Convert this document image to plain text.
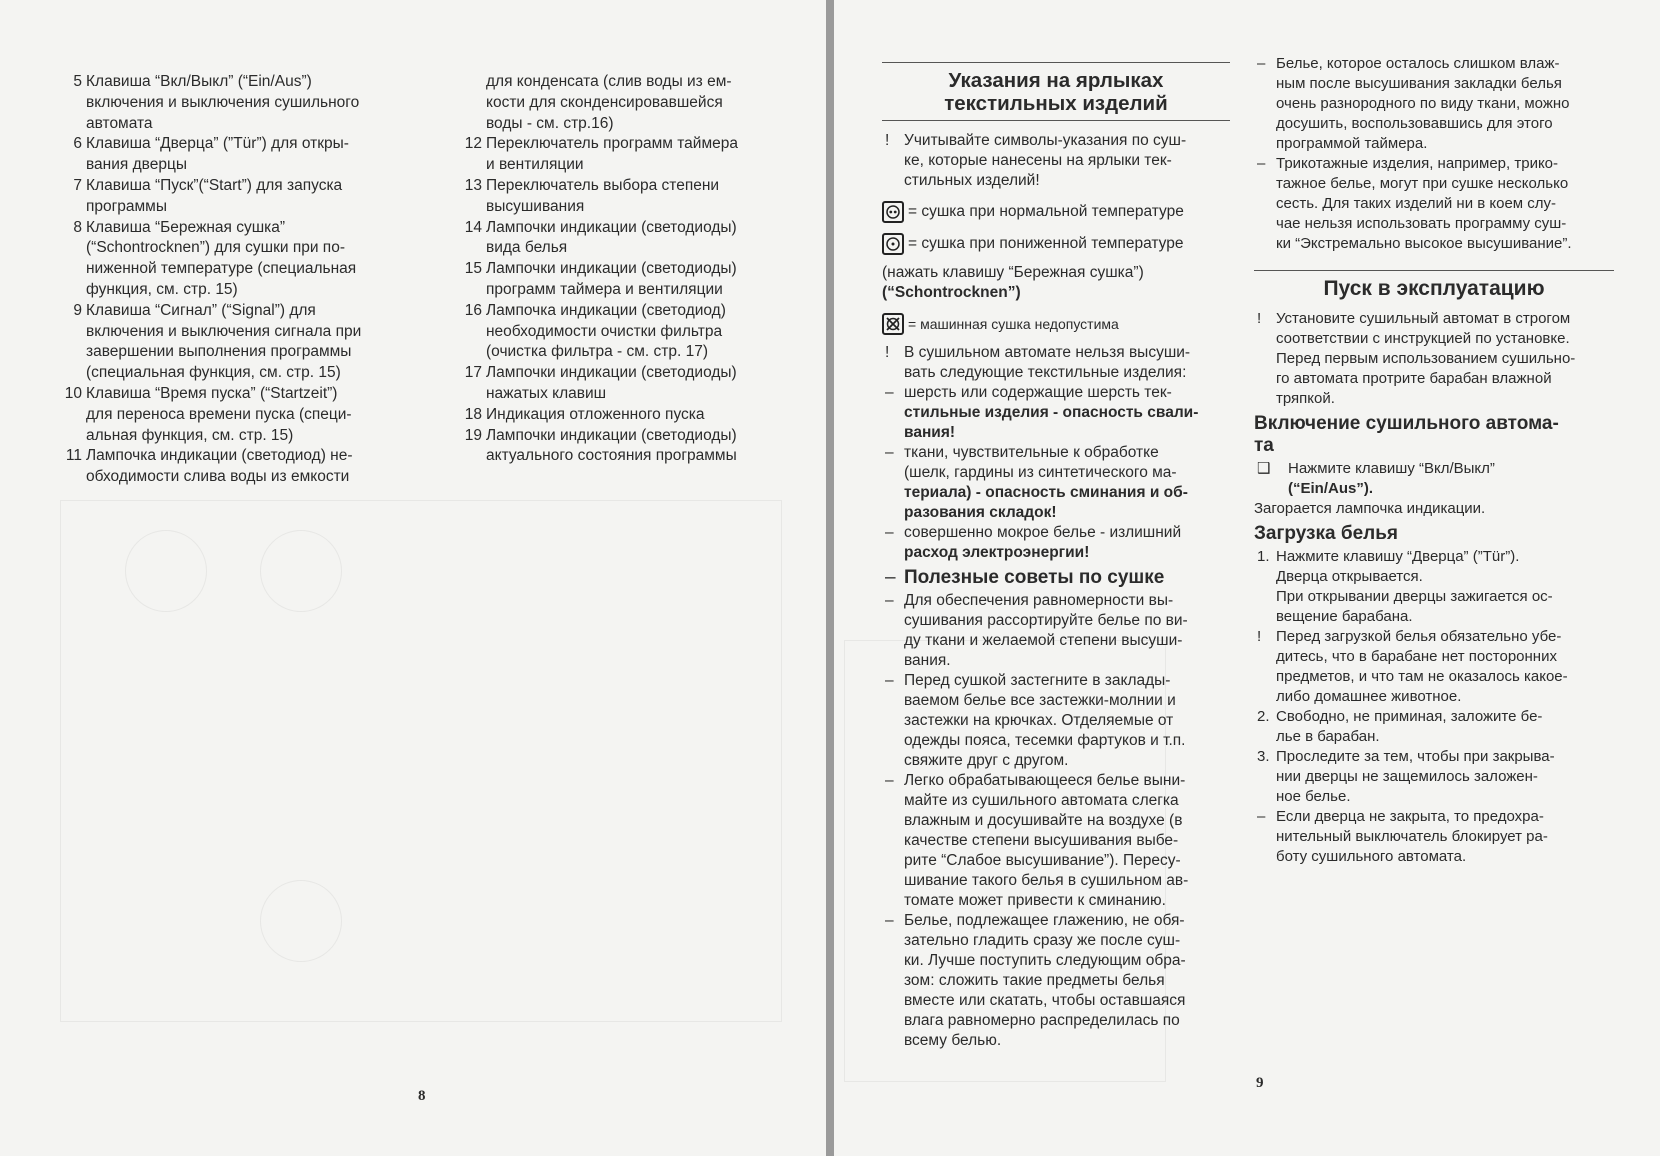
5 Клавиша “Вкл/Выкл” (“Ein/Aus”)
включения и выключения сушильного
автомата
6 Клавиша “Дверца” (”Tür”) для откры-
вания дверцы
7 Клавиша “Пуск”(“Start”) для запуска
программы
8 Клавиша “Бережная сушка”
(“Schontrocknen”) для сушки при по-
ниженной температуре (специальная
функция, см. стр. 15)
9 Клавиша “Сигнал” (“Signal”) для
включения и выключения сигнала при
завершении выполнения программы
(специальная функция, см. стр. 15)
10 Клавиша “Время пуска” (“Startzeit”)
для переноса времени пуска (специ-
альная функция, см. стр. 15)
11 Лампочка индикации (светодиод) не-
обходимости слива воды из емкости
для конденсата (слив воды из ем-
кости для сконденсировавшейся
воды - см. стр.16)
12 Переключатель программ таймера
и вентиляции
13 Переключатель выбора степени
высушивания
14 Лампочки индикации (светодиоды)
вида белья
15 Лампочки индикации (светодиоды)
программ таймера и вентиляции
16 Лампочка индикации (светодиод)
необходимости очистки фильтра
(очистка фильтра - см. стр. 17)
17 Лампочки индикации (светодиоды)
нажатых клавиш
18 Индикация отложенного пуска
19 Лампочки индикации (светодиоды)
актуального состояния программы
8
Указания на ярлыках
текстильных изделий
! Учитывайте символы-указания по суш-
ке, которые нанесены на ярлыки тек-
стильных изделий!
= сушка при нормальной температуре
= сушка при пониженной температуре
(нажать клавишу “Бережная сушка”)
(“Schontrocknen”)
= машинная сушка недопустима
! В сушильном автомате нельзя высуши-
вать следующие текстильные изделия:
– шерсть или содержащие шерсть тек-
стильные изделия - опасность свали-
вания!
– ткани, чувствительные к обработке
(шелк, гардины из синтетического ма-
териала) - опасность сминания и об-
разования складок!
– совершенно мокрое белье - излишний
расход электроэнергии!
– Полезные советы по сушке
– Для обеспечения равномерности вы-
сушивания рассортируйте белье по ви-
ду ткани и желаемой степени высуши-
вания.
– Перед сушкой застегните в заклады-
ваемом белье все застежки-молнии и
застежки на крючках. Отделяемые от
одежды пояса, тесемки фартуков и т.п.
свяжите друг с другом.
– Легко обрабатывающееся белье выни-
майте из сушильного автомата слегка
влажным и досушивайте на воздухе (в
качестве степени высушивания выбе-
рите “Слабое высушивание”). Пересу-
шивание такого белья в сушильном ав-
томате может привести к сминанию.
– Белье, подлежащее глажению, не обя-
зательно гладить сразу же после суш-
ки. Лучше поступить следующим обра-
зом: сложить такие предметы белья
вместе или скатать, чтобы оставшаяся
влага равномерно распределилась по
всему белью.
– Белье, которое осталось слишком влаж-
ным после высушивания закладки белья
очень разнородного по виду ткани, можно
досушить, воспользовавшись для этого
программой таймера.
– Трикотажные изделия, например, трико-
тажное белье, могут при сушке несколько
сесть. Для таких изделий ни в коем слу-
чае нельзя использовать программу суш-
ки “Экстремально высокое высушивание”.
Пуск в эксплуатацию
! Установите сушильный автомат в строгом
соответствии с инструкцией по установке.
Перед первым использованием сушильно-
го автомата протрите барабан влажной
тряпкой.
Включение сушильного автома-
та
❑ Нажмите клавишу “Вкл/Выкл”
(“Ein/Aus”).
Загорается лампочка индикации.
Загрузка белья
1. Нажмите клавишу “Дверца” (”Tür”).
Дверца открывается.
При открывании дверцы зажигается ос-
вещение барабана.
! Перед загрузкой белья обязательно убе-
дитесь, что в барабане нет посторонних
предметов, и что там не оказалось какое-
либо домашнее животное.
2. Свободно, не приминая, заложите бе-
лье в барабан.
3. Проследите за тем, чтобы при закрыва-
нии дверцы не защемилось заложен-
ное белье.
– Если дверца не закрыта, то предохра-
нительный выключатель блокирует ра-
боту сушильного автомата.
9
